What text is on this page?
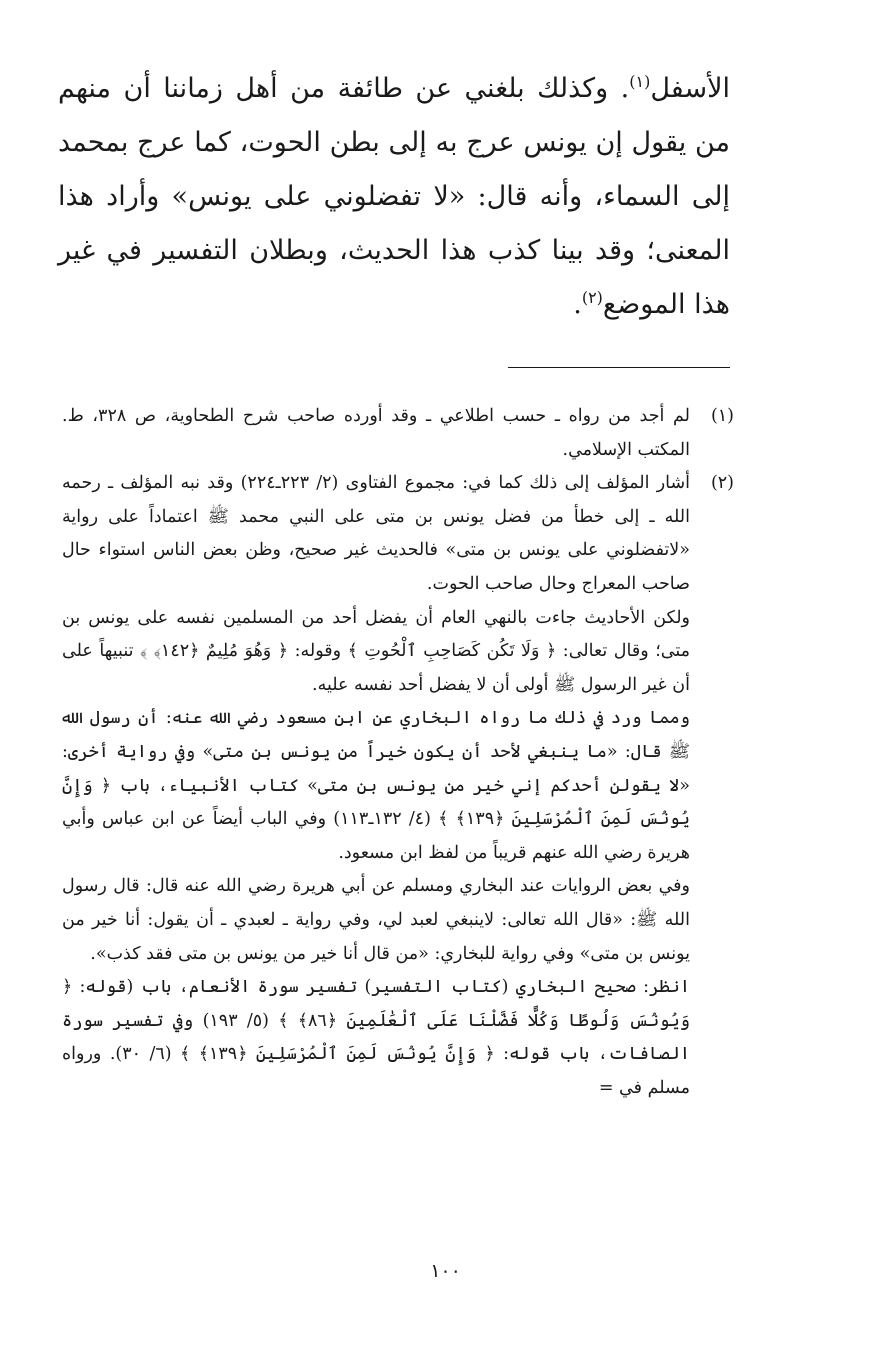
الأسفل$^{(١)}$. وكذلك بلغني عن طائفة من أهل زماننا أن منهم من يقول إن يونس عرج به إلى بطن الحوت، كما عرج بمحمد إلى السماء، وأنه قال: «لا تفضلوني على يونس» وأراد هذا المعنى؛ وقد بينا كذب هذا الحديث، وبطلان التفسير في غير هذا الموضع$^{(٢)}$.

(١)

لم أجد من رواه ـ حسب اطلاعي ـ وقد أورده صاحب شرح الطحاوية، ص ٣٢٨، ط. المكتب الإسلامي.

(٢)

أشار المؤلف إلى ذلك كما في: مجموع الفتاوى (٢/ ٢٢٣ـ٢٢٤) وقد نبه المؤلف ـ رحمه الله ـ إلى خطأ من فضل يونس بن متى على النبي محمد ﷺ اعتماداً على رواية «لاتفضلوني على يونس بن متى» فالحديث غير صحيح، وظن بعض الناس استواء حال صاحب المعراج وحال صاحب الحوت.

ولكن الأحاديث جاءت بالنهي العام أن يفضل أحد من المسلمين نفسه على يونس بن متى؛ وقال تعالى: ﴿ وَلَا تَكُن كَصَاحِبِ ٱلْحُوتِ ﴾ وقوله: ﴿ وَهُوَ مُلِيمٌ ﴿١٤٢﴾ ﴾ تنبيهاً على أن غير الرسول ﷺ أولى أن لا يفضل أحد نفسه عليه.

ومما ورد في ذلك ما رواه البخاري عن ابن مسعود رضي الله عنه: أن رسول الله ﷺ قال: «ما ينبغي لأحد أن يكون خيراً من يونس بن متى» وفي رواية أخرى: «لا يقولن أحدكم إني خير من يونس بن متى» كتاب الأنبياء، باب ﴿ وَإِنَّ يُونُسَ لَمِنَ ٱلْمُرْسَلِينَ ﴿١٣٩﴾ ﴾ (٤/ ١٣٢ـ١١٣) وفي الباب أيضاً عن ابن عباس وأبي هريرة رضي الله عنهم قريباً من لفظ ابن مسعود.

وفي بعض الروايات عند البخاري ومسلم عن أبي هريرة رضي الله عنه قال: قال رسول الله ﷺ: «قال الله تعالى: لاينبغي لعبد لي، وفي رواية ـ لعبدي ـ أن يقول: أنا خير من يونس بن متى» وفي رواية للبخاري: «من قال أنا خير من يونس بن متى فقد كذب».

انظر: صحيح البخاري (كتاب التفسير) تفسير سورة الأنعام، باب (قوله: ﴿ وَيُونُسَ وَلُوطًا وَكُلًّا فَضَّلْنَا عَلَى ٱلْعَٰلَمِينَ ﴿٨٦﴾ ﴾ (٥/ ١٩٣) وفي تفسير سورة الصافات، باب قوله: ﴿ وَإِنَّ يُونُسَ لَمِنَ ٱلْمُرْسَلِينَ ﴿١٣٩﴾ ﴾ (٦/ ٣٠). ورواه مسلم في =

١٠٠
